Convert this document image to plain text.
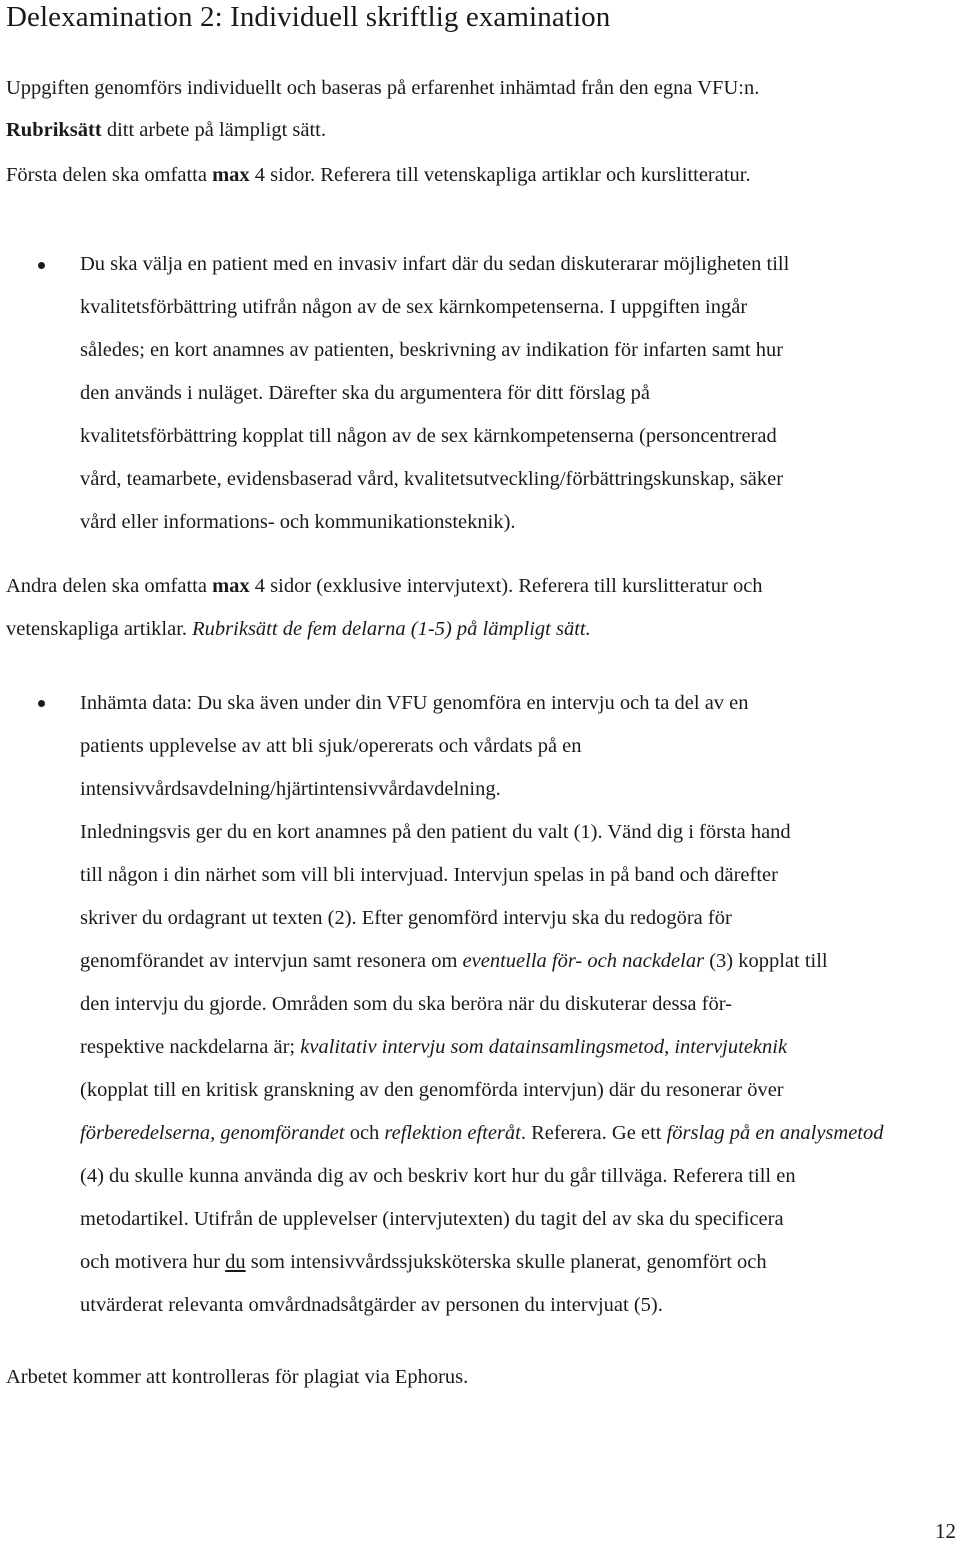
Delexamination 2: Individuell skriftlig examination

Uppgiften genomförs individuellt och baseras på erfarenhet inhämtad från den egna VFU:n.
Rubriksätt ditt arbete på lämpligt sätt.

Första delen ska omfatta max 4 sidor. Referera till vetenskapliga artiklar och kurslitteratur.

Du ska välja en patient med en invasiv infart där du sedan diskuterarar möjligheten till
kvalitetsförbättring utifrån någon av de sex kärnkompetenserna. I uppgiften ingår
således; en kort anamnes av patienten, beskrivning av indikation för infarten samt hur
den används i nuläget. Därefter ska du argumentera för ditt förslag på
kvalitetsförbättring kopplat till någon av de sex kärnkompetenserna (personcentrerad
vård, teamarbete, evidensbaserad vård, kvalitetsutveckling/förbättringskunskap, säker
vård eller informations- och kommunikationsteknik).

Andra delen ska omfatta max 4 sidor (exklusive intervjutext). Referera till kurslitteratur och
vetenskapliga artiklar. Rubriksätt de fem delarna (1-5) på lämpligt sätt.

Inhämta data: Du ska även under din VFU genomföra en intervju och ta del av en
patients upplevelse av att bli sjuk/opererats och vårdats på en
intensivvårdsavdelning/hjärtintensivvårdavdelning.
Inledningsvis ger du en kort anamnes på den patient du valt (1). Vänd dig i första hand
till någon i din närhet som vill bli intervjuad. Intervjun spelas in på band och därefter
skriver du ordagrant ut texten (2). Efter genomförd intervju ska du redogöra för
genomförandet av intervjun samt resonera om eventuella för- och nackdelar (3) kopplat till
den intervju du gjorde. Områden som du ska beröra när du diskuterar dessa för-
respektive nackdelarna är; kvalitativ intervju som datainsamlingsmetod, intervjuteknik
(kopplat till en kritisk granskning av den genomförda intervjun) där du resonerar över
förberedelserna, genomförandet och reflektion efteråt. Referera. Ge ett förslag på en analysmetod
(4) du skulle kunna använda dig av och beskriv kort hur du går tillväga. Referera till en
metodartikel. Utifrån de upplevelser (intervjutexten) du tagit del av ska du specificera
och motivera hur du som intensivvårdssjuksköterska skulle planerat, genomfört och
utvärderat relevanta omvårdnadsåtgärder av personen du intervjuat (5).

Arbetet kommer att kontrolleras för plagiat via Ephorus.

12
